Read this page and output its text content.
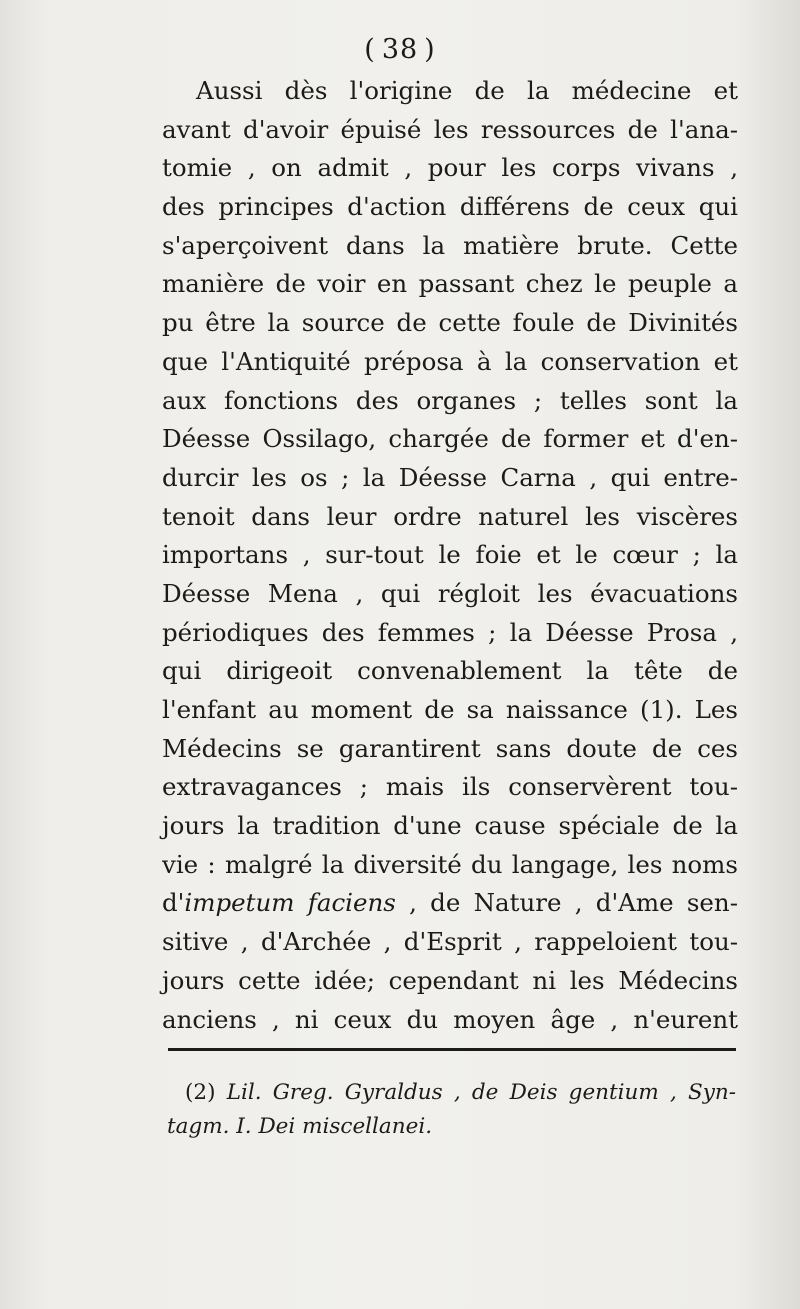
( 38 )
Aussi dès l'origine de la médecine et
avant d'avoir épuisé les ressources de l'ana-
tomie , on admit , pour les corps vivans ,
des principes d'action différens de ceux qui
s'aperçoivent dans la matière brute. Cette
manière de voir en passant chez le peuple a
pu être la source de cette foule de Divinités
que l'Antiquité préposa à la conservation et
aux fonctions des organes ; telles sont la
Déesse Ossilago, chargée de former et d'en-
durcir les os ; la Déesse Carna , qui entre-
tenoit dans leur ordre naturel les viscères
importans , sur-tout le foie et le cœur ; la
Déesse Mena , qui régloit les évacuations
périodiques des femmes ; la Déesse Prosa ,
qui dirigeoit convenablement la tête de
l'enfant au moment de sa naissance (1). Les
Médecins se garantirent sans doute de ces
extravagances ; mais ils conservèrent tou-
jours la tradition d'une cause spéciale de la
vie : malgré la diversité du langage, les noms
d'impetum faciens , de Nature , d'Ame sen-
sitive , d'Archée , d'Esprit , rappeloient tou-
jours cette idée; cependant ni les Médecins
anciens , ni ceux du moyen âge , n'eurent
(2) Lil. Greg. Gyraldus , de Deis gentium , Syn-
tagm. I. Dei miscellanei.
